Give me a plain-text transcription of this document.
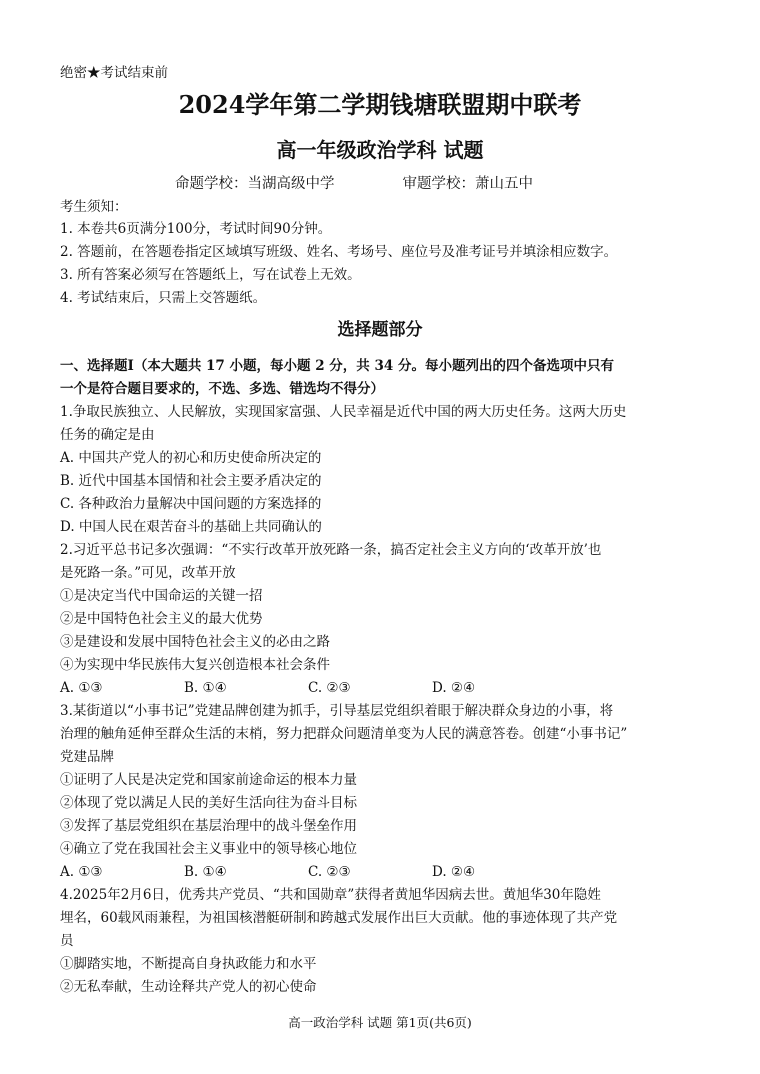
绝密★考试结束前
2024学年第二学期钱塘联盟期中联考
高一年级政治学科 试题
命题学校：当湖高级中学	审题学校：萧山五中
考生须知：
1. 本卷共6页满分100分，考试时间90分钟。
2. 答题前，在答题卷指定区域填写班级、姓名、考场号、座位号及准考证号并填涂相应数字。
3. 所有答案必须写在答题纸上，写在试卷上无效。
4. 考试结束后，只需上交答题纸。
选择题部分
一、选择题Ⅰ（本大题共 17 小题，每小题 2 分，共 34 分。每小题列出的四个备选项中只有
一个是符合题目要求的，不选、多选、错选均不得分）
1.争取民族独立、人民解放，实现国家富强、人民幸福是近代中国的两大历史任务。这两大历史
任务的确定是由
A. 中国共产党人的初心和历史使命所决定的
B. 近代中国基本国情和社会主要矛盾决定的
C. 各种政治力量解决中国问题的方案选择的
D. 中国人民在艰苦奋斗的基础上共同确认的
2.习近平总书记多次强调：“不实行改革开放死路一条，搞否定社会主义方向的‘改革开放’也
是死路一条。”可见，改革开放
①是决定当代中国命运的关键一招
②是中国特色社会主义的最大优势
③是建设和发展中国特色社会主义的必由之路
④为实现中华民族伟大复兴创造根本社会条件
A. ①③	B. ①④	C. ②③	D. ②④
3.某街道以“小事书记”党建品牌创建为抓手，引导基层党组织着眼于解决群众身边的小事，将
治理的触角延伸至群众生活的末梢，努力把群众问题清单变为人民的满意答卷。创建“小事书记”
党建品牌
①证明了人民是决定党和国家前途命运的根本力量
②体现了党以满足人民的美好生活向往为奋斗目标
③发挥了基层党组织在基层治理中的战斗堡垒作用
④确立了党在我国社会主义事业中的领导核心地位
A. ①③	B. ①④	C. ②③	D. ②④
4.2025年2月6日，优秀共产党员、“共和国勋章”获得者黄旭华因病去世。黄旭华30年隐姓
埋名，60载风雨兼程，为祖国核潜艇研制和跨越式发展作出巨大贡献。他的事迹体现了共产党
员
①脚踏实地，不断提高自身执政能力和水平
②无私奉献，生动诠释共产党人的初心使命
高一政治学科 试题 第1页(共6页)
